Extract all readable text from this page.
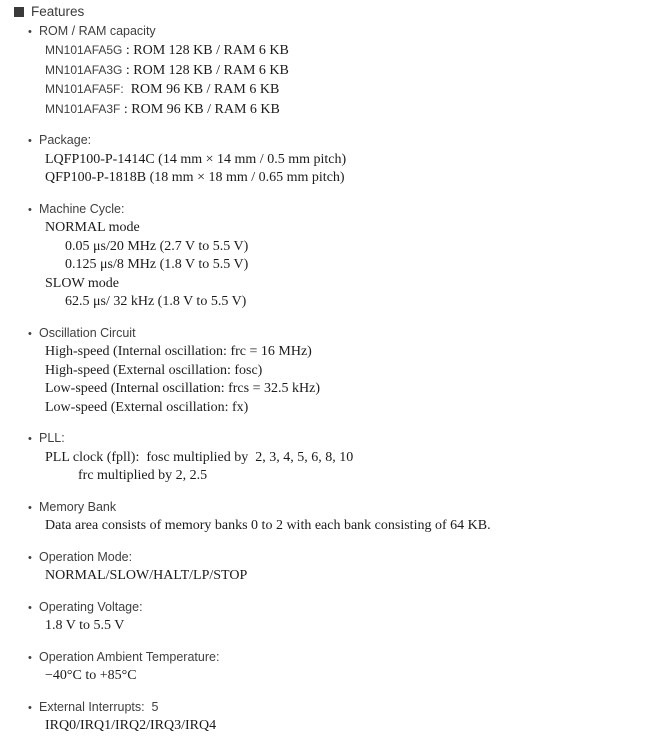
Features
• ROM / RAM capacity
MN101AFA5G : ROM 128 KB / RAM 6 KB
MN101AFA3G : ROM 128 KB / RAM 6 KB
MN101AFA5F:  ROM 96 KB / RAM 6 KB
MN101AFA3F : ROM 96 KB / RAM 6 KB
• Package:
LQFP100-P-1414C (14 mm × 14 mm / 0.5 mm pitch)
QFP100-P-1818B (18 mm × 18 mm / 0.65 mm pitch)
• Machine Cycle:
NORMAL mode
0.05 μs/20 MHz (2.7 V to 5.5 V)
0.125 μs/8 MHz (1.8 V to 5.5 V)
SLOW mode
62.5 μs/ 32 kHz (1.8 V to 5.5 V)
• Oscillation Circuit
High-speed (Internal oscillation: frc = 16 MHz)
High-speed (External oscillation: fosc)
Low-speed (Internal oscillation: frcs = 32.5 kHz)
Low-speed (External oscillation: fx)
• PLL:
PLL clock (fpll):  fosc multiplied by  2, 3, 4, 5, 6, 8, 10
frc multiplied by 2, 2.5
• Memory Bank
Data area consists of memory banks 0 to 2 with each bank consisting of 64 KB.
• Operation Mode:
NORMAL/SLOW/HALT/LP/STOP
• Operating Voltage:
1.8 V to 5.5 V
• Operation Ambient Temperature:
−40°C to +85°C
• External Interrupts:  5
IRQ0/IRQ1/IRQ2/IRQ3/IRQ4
